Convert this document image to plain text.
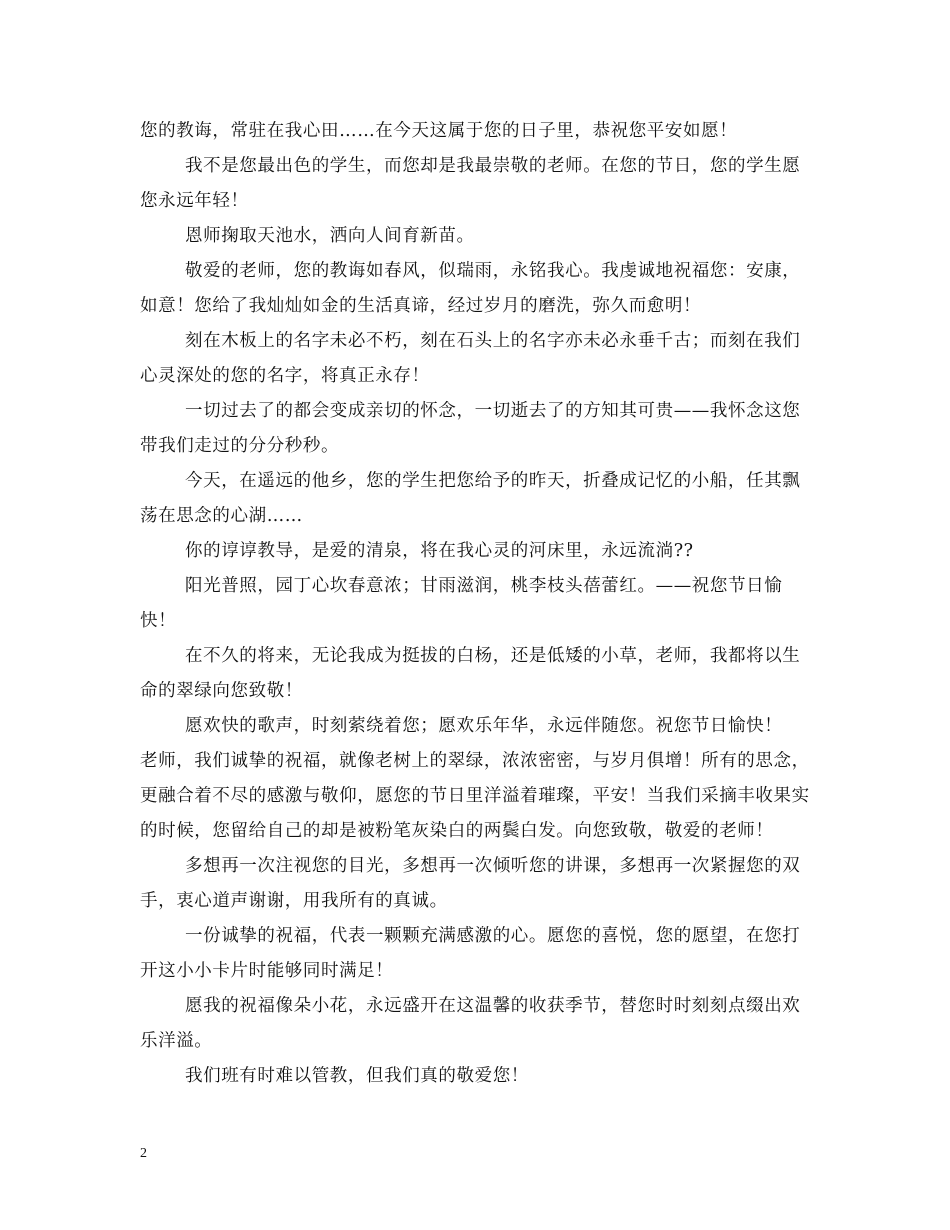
您的教诲，常驻在我心田……在今天这属于您的日子里，恭祝您平安如愿！

我不是您最出色的学生，而您却是我最崇敬的老师。在您的节日，您的学生愿您永远年轻！

恩师掬取天池水，洒向人间育新苗。

敬爱的老师，您的教诲如春风，似瑞雨，永铭我心。我虔诚地祝福您：安康，如意！您给了我灿灿如金的生活真谛，经过岁月的磨洗，弥久而愈明！

刻在木板上的名字未必不朽，刻在石头上的名字亦未必永垂千古；而刻在我们心灵深处的您的名字，将真正永存！

一切过去了的都会变成亲切的怀念，一切逝去了的方知其可贵——我怀念这您带我们走过的分分秒秒。

今天，在遥远的他乡，您的学生把您给予的昨天，折叠成记忆的小船，任其飘荡在思念的心湖……

你的谆谆教导，是爱的清泉，将在我心灵的河床里，永远流淌??

阳光普照，园丁心坎春意浓；甘雨滋润，桃李枝头蓓蕾红。——祝您节日愉快！

在不久的将来，无论我成为挺拔的白杨，还是低矮的小草，老师，我都将以生命的翠绿向您致敬！

愿欢快的歌声，时刻萦绕着您；愿欢乐年华，永远伴随您。祝您节日愉快！

老师，我们诚挚的祝福，就像老树上的翠绿，浓浓密密，与岁月俱增！所有的思念，更融合着不尽的感激与敬仰，愿您的节日里洋溢着璀璨，平安！当我们采摘丰收果实的时候，您留给自己的却是被粉笔灰染白的两鬓白发。向您致敬，敬爱的老师！

多想再一次注视您的目光，多想再一次倾听您的讲课，多想再一次紧握您的双手，衷心道声谢谢，用我所有的真诚。

一份诚挚的祝福，代表一颗颗充满感激的心。愿您的喜悦，您的愿望，在您打开这小小卡片时能够同时满足！

愿我的祝福像朵小花，永远盛开在这温馨的收获季节，替您时时刻刻点缀出欢乐洋溢。

我们班有时难以管教，但我们真的敬爱您！

2
